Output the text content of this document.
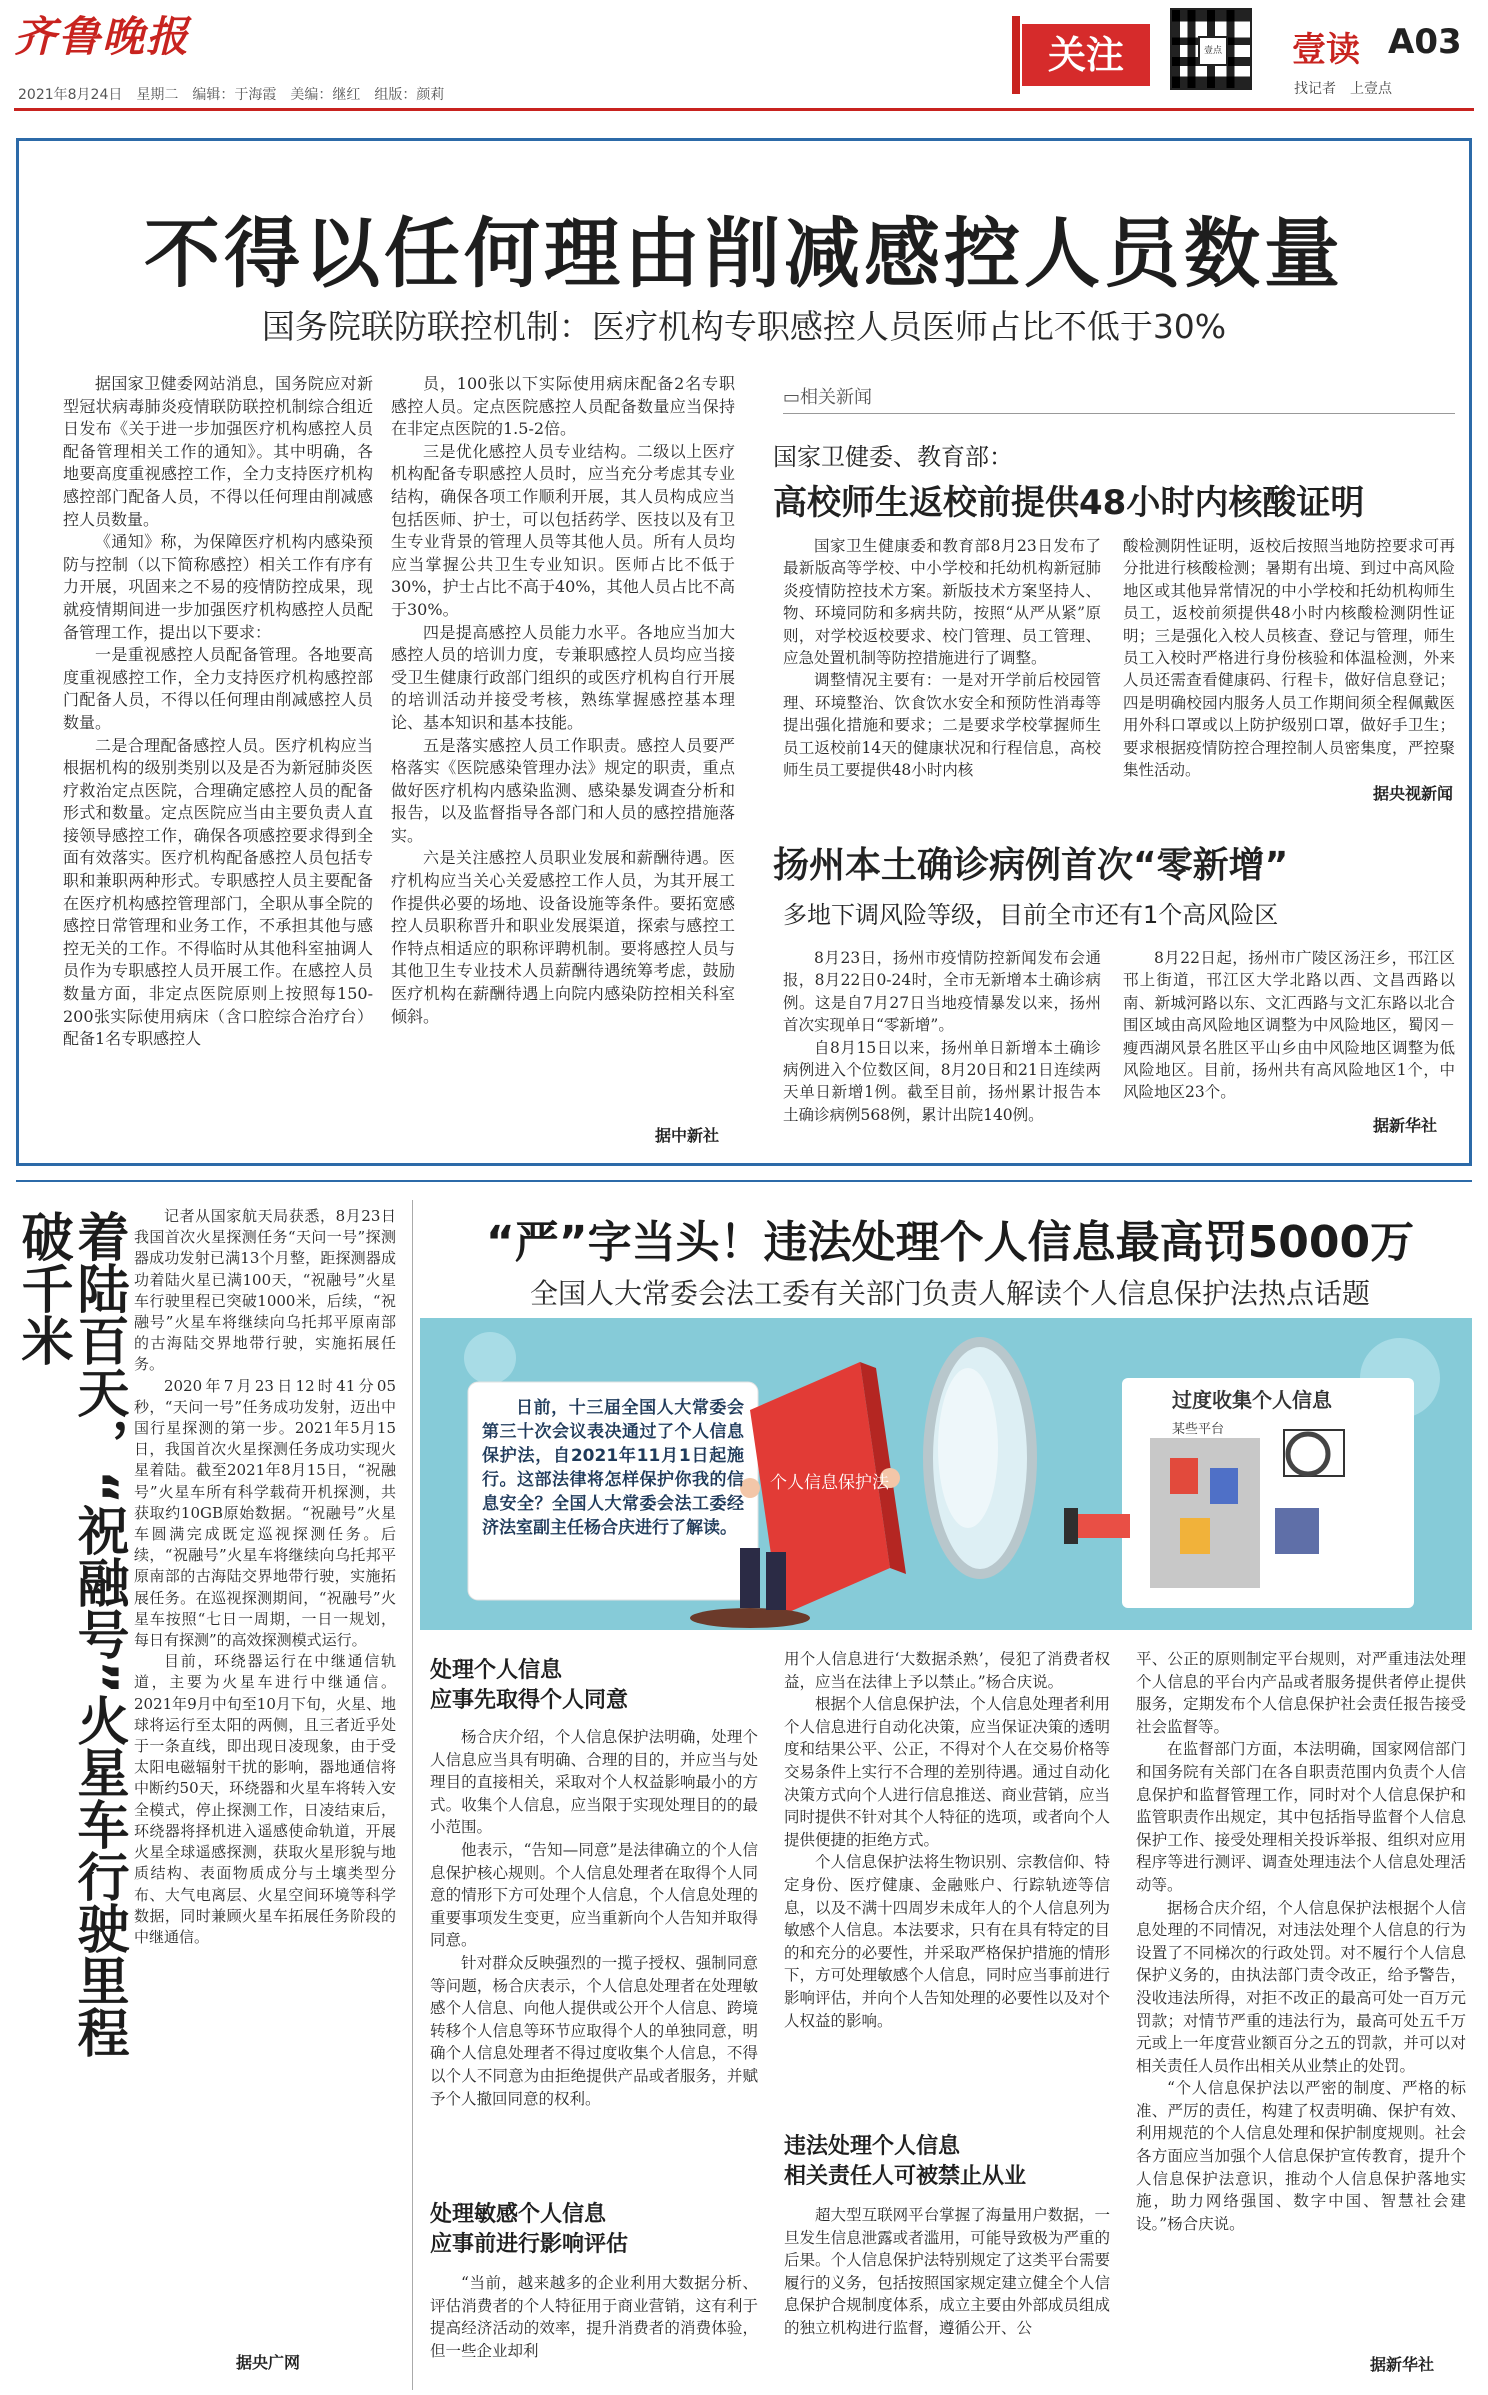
齐鲁晚报
2021年8月24日　星期二　编辑：于海霞　美编：继红　组版：颜莉
关注	壹点 壹读 A03
找记者　上壹点
不得以任何理由削减感控人员数量
国务院联防联控机制：医疗机构专职感控人员医师占比不低于30%

据国家卫健委网站消息，国务院应对新型冠状病毒肺炎疫情联防联控机制综合组近日发布《关于进一步加强医疗机构感控人员配备管理相关工作的通知》。其中明确，各地要高度重视感控工作，全力支持医疗机构感控部门配备人员，不得以任何理由削减感控人员数量。

《通知》称，为保障医疗机构内感染预防与控制（以下简称感控）相关工作有序有力开展，巩固来之不易的疫情防控成果，现就疫情期间进一步加强医疗机构感控人员配备管理工作，提出以下要求：

一是重视感控人员配备管理。各地要高度重视感控工作，全力支持医疗机构感控部门配备人员，不得以任何理由削减感控人员数量。

二是合理配备感控人员。医疗机构应当根据机构的级别类别以及是否为新冠肺炎医疗救治定点医院，合理确定感控人员的配备形式和数量。定点医院应当由主要负责人直接领导感控工作，确保各项感控要求得到全面有效落实。医疗机构配备感控人员包括专职和兼职两种形式。专职感控人员主要配备在医疗机构感控管理部门，全职从事全院的感控日常管理和业务工作，不承担其他与感控无关的工作。不得临时从其他科室抽调人员作为专职感控人员开展工作。在感控人员数量方面，非定点医院原则上按照每150-200张实际使用病床（含口腔综合治疗台）配备1名专职感控人

员，100张以下实际使用病床配备2名专职感控人员。定点医院感控人员配备数量应当保持在非定点医院的1.5-2倍。

三是优化感控人员专业结构。二级以上医疗机构配备专职感控人员时，应当充分考虑其专业结构，确保各项工作顺利开展，其人员构成应当包括医师、护士，可以包括药学、医技以及有卫生专业背景的管理人员等其他人员。所有人员均应当掌握公共卫生专业知识。医师占比不低于30%，护士占比不高于40%，其他人员占比不高于30%。

四是提高感控人员能力水平。各地应当加大感控人员的培训力度，专兼职感控人员均应当接受卫生健康行政部门组织的或医疗机构自行开展的培训活动并接受考核，熟练掌握感控基本理论、基本知识和基本技能。

五是落实感控人员工作职责。感控人员要严格落实《医院感染管理办法》规定的职责，重点做好医疗机构内感染监测、感染暴发调查分析和报告，以及监督指导各部门和人员的感控措施落实。

六是关注感控人员职业发展和薪酬待遇。医疗机构应当关心关爱感控工作人员，为其开展工作提供必要的场地、设备设施等条件。要拓宽感控人员职称晋升和职业发展渠道，探索与感控工作特点相适应的职称评聘机制。要将感控人员与其他卫生专业技术人员薪酬待遇统筹考虑，鼓励医疗机构在薪酬待遇上向院内感染防控相关科室倾斜。

据中新社
▭相关新闻
国家卫健委、教育部：
高校师生返校前提供48小时内核酸证明

国家卫生健康委和教育部8月23日发布了最新版高等学校、中小学校和托幼机构新冠肺炎疫情防控技术方案。新版技术方案坚持人、物、环境同防和多病共防，按照“从严从紧”原则，对学校返校要求、校门管理、员工管理、应急处置机制等防控措施进行了调整。

调整情况主要有：一是对开学前后校园管理、环境整治、饮食饮水安全和预防性消毒等提出强化措施和要求；二是要求学校掌握师生员工返校前14天的健康状况和行程信息，高校师生员工要提供48小时内核

酸检测阴性证明，返校后按照当地防控要求可再分批进行核酸检测；暑期有出境、到过中高风险地区或其他异常情况的中小学校和托幼机构师生员工，返校前须提供48小时内核酸检测阴性证明；三是强化入校人员核查、登记与管理，师生员工入校时严格进行身份核验和体温检测，外来人员还需查看健康码、行程卡，做好信息登记；四是明确校园内服务人员工作期间须全程佩戴医用外科口罩或以上防护级别口罩，做好手卫生；要求根据疫情防控合理控制人员密集度，严控聚集性活动。

据央视新闻
扬州本土确诊病例首次“零新增”
多地下调风险等级，目前全市还有1个高风险区

8月23日，扬州市疫情防控新闻发布会通报，8月22日0-24时，全市无新增本土确诊病例。这是自7月27日当地疫情暴发以来，扬州首次实现单日“零新增”。

自8月15日以来，扬州单日新增本土确诊病例进入个位数区间，8月20日和21日连续两天单日新增1例。截至目前，扬州累计报告本土确诊病例568例，累计出院140例。

8月22日起，扬州市广陵区汤汪乡，邗江区邗上街道，邗江区大学北路以西、文昌西路以南、新城河路以东、文汇西路与文汇东路以北合围区域由高风险地区调整为中风险地区，蜀冈－瘦西湖风景名胜区平山乡由中风险地区调整为低风险地区。目前，扬州共有高风险地区1个，中风险地区23个。

据新华社
着陆百天，“祝融号”火星车行驶里程破千米	记者从国家航天局获悉，8月23日我国首次火星探测任务“天问一号”探测器成功发射已满13个月整，距探测器成功着陆火星已满100天，“祝融号”火星车行驶里程已突破1000米，后续，“祝融号”火星车将继续向乌托邦平原南部的古海陆交界地带行驶，实施拓展任务。

2020年7月23日12时41分05秒，“天问一号”任务成功发射，迈出中国行星探测的第一步。2021年5月15日，我国首次火星探测任务成功实现火星着陆。截至2021年8月15日，“祝融号”火星车所有科学载荷开机探测，共获取约10GB原始数据。“祝融号”火星车圆满完成既定巡视探测任务。后续，“祝融号”火星车将继续向乌托邦平原南部的古海陆交界地带行驶，实施拓展任务。在巡视探测期间，“祝融号”火星车按照“七日一周期，一日一规划，每日有探测”的高效探测模式运行。

目前，环绕器运行在中继通信轨道，主要为火星车进行中继通信。2021年9月中旬至10月下旬，火星、地球将运行至太阳的两侧，且三者近乎处于一条直线，即出现日凌现象，由于受太阳电磁辐射干扰的影响，器地通信将中断约50天，环绕器和火星车将转入安全模式，停止探测工作，日凌结束后，环绕器将择机进入遥感使命轨道，开展火星全球遥感探测，获取火星形貌与地质结构、表面物质成分与土壤类型分布、大气电离层、火星空间环境等科学数据，同时兼顾火星车拓展任务阶段的中继通信。

据央广网
“严”字当头！违法处理个人信息最高罚5000万
全国人大常委会法工委有关部门负责人解读个人信息保护法热点话题
日前，十三届全国人大常委会第三十次会议表决通过了个人信息保护法，自2021年11月1日起施行。这部法律将怎样保护你我的信息安全？全国人大常委会法工委经济法室副主任杨合庆进行了解读。
个人信息保护法
过度收集个人信息
某些平台
处理个人信息
应事先取得个人同意

杨合庆介绍，个人信息保护法明确，处理个人信息应当具有明确、合理的目的，并应当与处理目的直接相关，采取对个人权益影响最小的方式。收集个人信息，应当限于实现处理目的的最小范围。

他表示，“告知—同意”是法律确立的个人信息保护核心规则。个人信息处理者在取得个人同意的情形下方可处理个人信息，个人信息处理的重要事项发生变更，应当重新向个人告知并取得同意。

针对群众反映强烈的一揽子授权、强制同意等问题，杨合庆表示，个人信息处理者在处理敏感个人信息、向他人提供或公开个人信息、跨境转移个人信息等环节应取得个人的单独同意，明确个人信息处理者不得过度收集个人信息，不得以个人不同意为由拒绝提供产品或者服务，并赋予个人撤回同意的权利。

处理敏感个人信息
应事前进行影响评估

“当前，越来越多的企业利用大数据分析、评估消费者的个人特征用于商业营销，这有利于提高经济活动的效率，提升消费者的消费体验，但一些企业却利

用个人信息进行‘大数据杀熟’，侵犯了消费者权益，应当在法律上予以禁止。”杨合庆说。

根据个人信息保护法，个人信息处理者利用个人信息进行自动化决策，应当保证决策的透明度和结果公平、公正，不得对个人在交易价格等交易条件上实行不合理的差别待遇。通过自动化决策方式向个人进行信息推送、商业营销，应当同时提供不针对其个人特征的选项，或者向个人提供便捷的拒绝方式。

个人信息保护法将生物识别、宗教信仰、特定身份、医疗健康、金融账户、行踪轨迹等信息，以及不满十四周岁未成年人的个人信息列为敏感个人信息。本法要求，只有在具有特定的目的和充分的必要性，并采取严格保护措施的情形下，方可处理敏感个人信息，同时应当事前进行影响评估，并向个人告知处理的必要性以及对个人权益的影响。

违法处理个人信息
相关责任人可被禁止从业

超大型互联网平台掌握了海量用户数据，一旦发生信息泄露或者滥用，可能导致极为严重的后果。个人信息保护法特别规定了这类平台需要履行的义务，包括按照国家规定建立健全个人信息保护合规制度体系，成立主要由外部成员组成的独立机构进行监督，遵循公开、公

平、公正的原则制定平台规则，对严重违法处理个人信息的平台内产品或者服务提供者停止提供服务，定期发布个人信息保护社会责任报告接受社会监督等。

在监督部门方面，本法明确，国家网信部门和国务院有关部门在各自职责范围内负责个人信息保护和监督管理工作，同时对个人信息保护和监管职责作出规定，其中包括指导监督个人信息保护工作、接受处理相关投诉举报、组织对应用程序等进行测评、调查处理违法个人信息处理活动等。

据杨合庆介绍，个人信息保护法根据个人信息处理的不同情况，对违法处理个人信息的行为设置了不同梯次的行政处罚。对不履行个人信息保护义务的，由执法部门责令改正，给予警告，没收违法所得，对拒不改正的最高可处一百万元罚款；对情节严重的违法行为，最高可处五千万元或上一年度营业额百分之五的罚款，并可以对相关责任人员作出相关从业禁止的处罚。

“个人信息保护法以严密的制度、严格的标准、严厉的责任，构建了权责明确、保护有效、利用规范的个人信息处理和保护制度规则。社会各方面应当加强个人信息保护宣传教育，提升个人信息保护法意识，推动个人信息保护落地实施，助力网络强国、数字中国、智慧社会建设。”杨合庆说。

据新华社
